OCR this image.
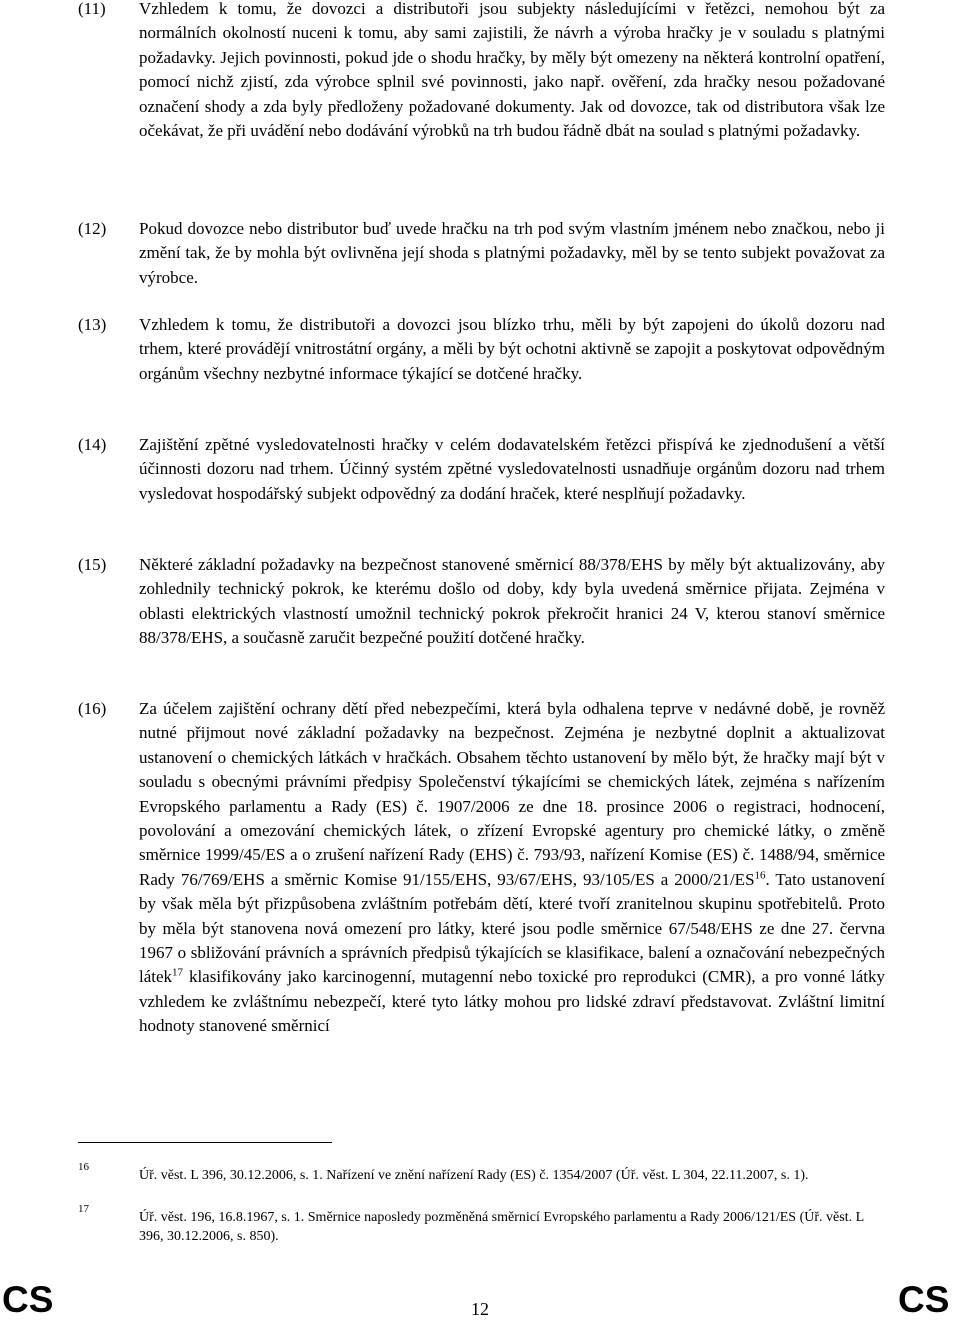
(11) Vzhledem k tomu, že dovozci a distributoři jsou subjekty následujícími v řetězci, nemohou být za normálních okolností nuceni k tomu, aby sami zajistili, že návrh a výroba hračky je v souladu s platnými požadavky. Jejich povinnosti, pokud jde o shodu hračky, by měly být omezeny na některá kontrolní opatření, pomocí nichž zjistí, zda výrobce splnil své povinnosti, jako např. ověření, zda hračky nesou požadované označení shody a zda byly předloženy požadované dokumenty. Jak od dovozce, tak od distributora však lze očekávat, že při uvádění nebo dodávání výrobků na trh budou řádně dbát na soulad s platnými požadavky.
(12) Pokud dovozce nebo distributor buď uvede hračku na trh pod svým vlastním jménem nebo značkou, nebo ji změní tak, že by mohla být ovlivněna její shoda s platnými požadavky, měl by se tento subjekt považovat za výrobce.
(13) Vzhledem k tomu, že distributoři a dovozci jsou blízko trhu, měli by být zapojeni do úkolů dozoru nad trhem, které provádějí vnitrostátní orgány, a měli by být ochotni aktivně se zapojit a poskytovat odpovědným orgánům všechny nezbytné informace týkající se dotčené hračky.
(14) Zajištění zpětné vysledovatelnosti hračky v celém dodavatelském řetězci přispívá ke zjednodušení a větší účinnosti dozoru nad trhem. Účinný systém zpětné vysledovatelnosti usnadňuje orgánům dozoru nad trhem vysledovat hospodářský subjekt odpovědný za dodání hraček, které nesplňují požadavky.
(15) Některé základní požadavky na bezpečnost stanovené směrnicí 88/378/EHS by měly být aktualizovány, aby zohlednily technický pokrok, ke kterému došlo od doby, kdy byla uvedená směrnice přijata. Zejména v oblasti elektrických vlastností umožnil technický pokrok překročit hranici 24 V, kterou stanoví směrnice 88/378/EHS, a současně zaručit bezpečné použití dotčené hračky.
(16) Za účelem zajištění ochrany dětí před nebezpečími, která byla odhalena teprve v nedávné době, je rovněž nutné přijmout nové základní požadavky na bezpečnost. Zejména je nezbytné doplnit a aktualizovat ustanovení o chemických látkách v hračkách. Obsahem těchto ustanovení by mělo být, že hračky mají být v souladu s obecnými právními předpisy Společenství týkajícími se chemických látek, zejména s nařízením Evropského parlamentu a Rady (ES) č. 1907/2006 ze dne 18. prosince 2006 o registraci, hodnocení, povolování a omezování chemických látek, o zřízení Evropské agentury pro chemické látky, o změně směrnice 1999/45/ES a o zrušení nařízení Rady (EHS) č. 793/93, nařízení Komise (ES) č. 1488/94, směrnice Rady 76/769/EHS a směrnic Komise 91/155/EHS, 93/67/EHS, 93/105/ES a 2000/21/ES$^{16}$. Tato ustanovení by však měla být přizpůsobena zvláštním potřebám dětí, které tvoří zranitelnou skupinu spotřebitelů. Proto by měla být stanovena nová omezení pro látky, které jsou podle směrnice 67/548/EHS ze dne 27. června 1967 o sbližování právních a správních předpisů týkajících se klasifikace, balení a označování nebezpečných látek$^{17}$ klasifikovány jako karcinogenní, mutagenní nebo toxické pro reprodukci (CMR), a pro vonné látky vzhledem ke zvláštnímu nebezpečí, které tyto látky mohou pro lidské zdraví představovat. Zvláštní limitní hodnoty stanovené směrnicí
16
Úř. věst. L 396, 30.12.2006, s. 1. Nařízení ve znění nařízení Rady (ES) č. 1354/2007 (Úř. věst. L 304, 22.11.2007, s. 1).
17
Úř. věst. 196, 16.8.1967, s. 1. Směrnice naposledy pozměněná směrnicí Evropského parlamentu a Rady 2006/121/ES (Úř. věst. L 396, 30.12.2006, s. 850).
CS	12	CS
